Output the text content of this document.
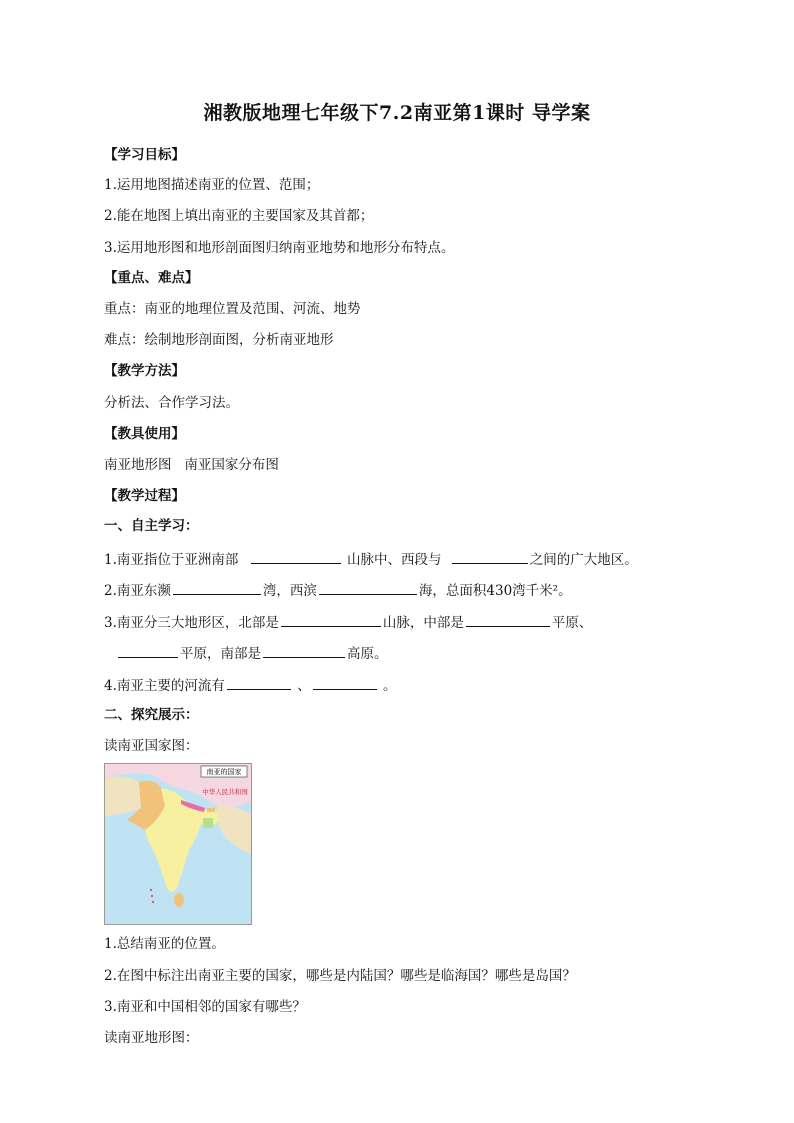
湘教版地理七年级下7.2南亚第1课时 导学案
【学习目标】
1.运用地图描述南亚的位置、范围；
2.能在地图上填出南亚的主要国家及其首都；
3.运用地形图和地形剖面图归纳南亚地势和地形分布特点。
【重点、难点】
重点：南亚的地理位置及范围、河流、地势
难点：绘制地形剖面图，分析南亚地形
【教学方法】
分析法、合作学习法。
【教具使用】
南亚地形图   南亚国家分布图
【教学过程】
一、自主学习：
1.南亚指位于亚洲南部	山脉中、西段与	之间的广大地区。
2.南亚东濒	湾，西滨	海，总面积430湾千米²。
3.南亚分三大地形区，北部是	山脉，中部是	平原、
平原，南部是	高原。
4.南亚主要的河流有	、	。
二、探究展示：
读南亚国家图：
南亚的国家
中华人民共和国
1.总结南亚的位置。
2.在图中标注出南亚主要的国家，哪些是内陆国？哪些是临海国？哪些是岛国？
3.南亚和中国相邻的国家有哪些？
读南亚地形图：
